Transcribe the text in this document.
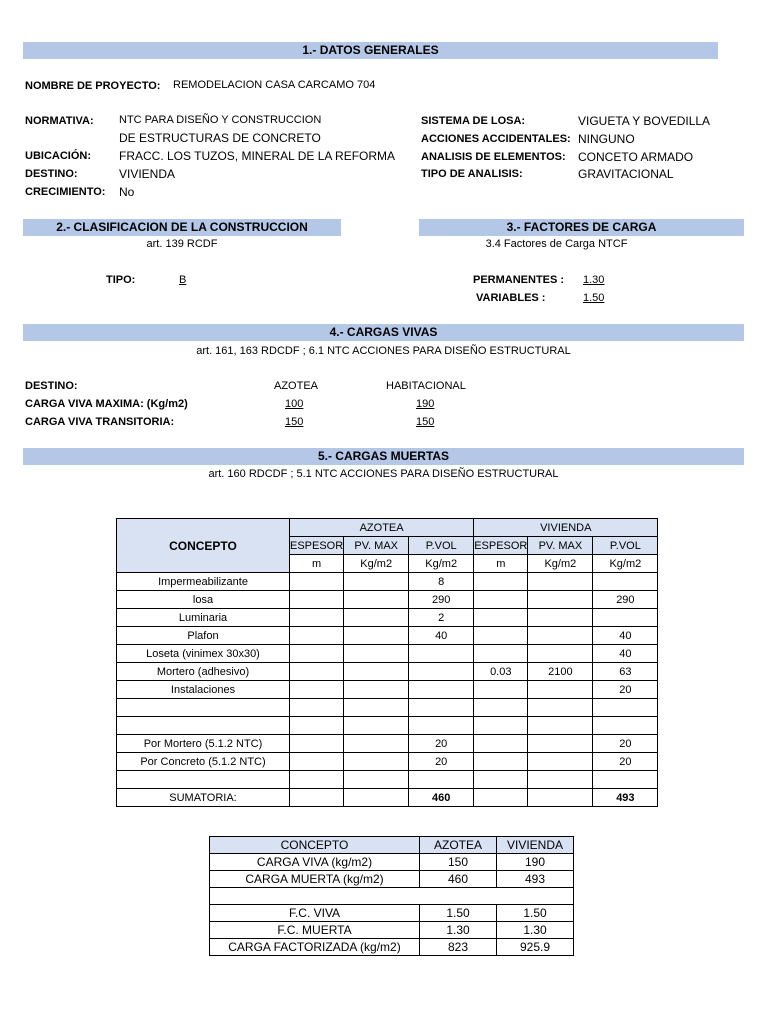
1.- DATOS GENERALES
NOMBRE DE PROYECTO: REMODELACION CASA CARCAMO 704
NORMATIVA: NTC PARA DISEÑO Y CONSTRUCCION
DE ESTRUCTURAS DE CONCRETO
UBICACIÓN: FRACC. LOS TUZOS, MINERAL DE LA REFORMA
DESTINO:	VIVIENDA
CRECIMIENTO: No
SISTEMA DE LOSA:	VIGUETA Y BOVEDILLA
ACCIONES ACCIDENTALES: NINGUNO
ANALISIS DE ELEMENTOS: CONCETO ARMADO
TIPO DE ANALISIS:	GRAVITACIONAL
2.- CLASIFICACION DE LA CONSTRUCCION	3.- FACTORES DE CARGA
art. 139 RCDF	3.4 Factores de Carga NTCF
TIPO:	B	PERMANENTES : 1.30
VARIABLES :	1.50
4.- CARGAS VIVAS
art. 161, 163 RDCDF ; 6.1 NTC ACCIONES PARA DISEÑO ESTRUCTURAL
DESTINO:	AZOTEA	HABITACIONAL
CARGA VIVA MAXIMA: (Kg/m2)	100	190
CARGA VIVA TRANSITORIA:	150	150
5.- CARGAS MUERTAS
art. 160 RDCDF ; 5.1 NTC ACCIONES PARA DISEÑO ESTRUCTURAL
CONCEPTO	AZOTEA			VIVIENDA		
	ESPESOR	PV. MAX	P.VOL	ESPESOR	PV. MAX	P.VOL
	m	Kg/m2	Kg/m2	m	Kg/m2	Kg/m2
Impermeabilizante			8			
losa			290			290
Luminaria			2			
Plafon			40			40
Loseta (vinimex 30x30)						40
Mortero (adhesivo)				0.03	2100	63
Instalaciones						20

Por Mortero (5.1.2 NTC)			20			20
Por Concreto (5.1.2 NTC)			20			20

SUMATORIA:			460			493
CONCEPTO	AZOTEA	VIVIENDA
CARGA VIVA (kg/m2)	150	190
CARGA MUERTA (kg/m2)	460	493

F.C. VIVA	1.50	1.50
F.C. MUERTA	1.30	1.30
CARGA FACTORIZADA (kg/m2)	823	925.9
